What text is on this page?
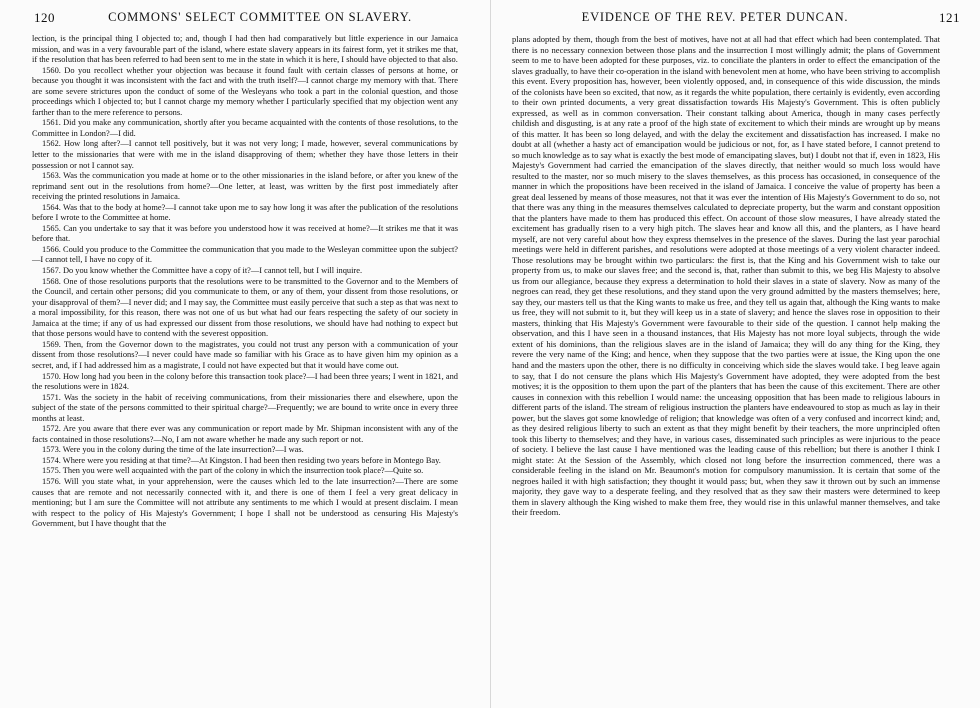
120	COMMONS' SELECT COMMITTEE ON SLAVERY.

lection, is the principal thing I objected to; and, though I had then had comparatively but little experience in our Jamaica mission, and was in a very favourable part of the island, where estate slavery appears in its fairest form, yet it strikes me that, if the resolution that has been referred to had been sent to me in the state in which it is here, I should have objected to that also.

1560. Do you recollect whether your objection was because it found fault with certain classes of persons at home, or because you thought it was inconsistent with the fact and with the truth itself?—I cannot charge my memory with that. There are some severe strictures upon the conduct of some of the Wesleyans who took a part in the colonial question, and those proceedings which I objected to; but I cannot charge my memory whether I particularly specified that my objection went any farther than to the mere reference to persons.

1561. Did you make any communication, shortly after you became acquainted with the contents of those resolutions, to the Committee in London?—I did.

1562. How long after?—I cannot tell positively, but it was not very long; I made, however, several communications by letter to the missionaries that were with me in the island disapproving of them; whether they have those letters in their possession or not I cannot say.

1563. Was the communication you made at home or to the other missionaries in the island before, or after you knew of the reprimand sent out in the resolutions from home?—One letter, at least, was written by the first post immediately after receiving the printed resolutions in Jamaica.

1564. Was that to the body at home?—I cannot take upon me to say how long it was after the publication of the resolutions before I wrote to the Committee at home.

1565. Can you undertake to say that it was before you understood how it was received at home?—It strikes me that it was before that.

1566. Could you produce to the Committee the communication that you made to the Wesleyan committee upon the subject?—I cannot tell, I have no copy of it.

1567. Do you know whether the Committee have a copy of it?—I cannot tell, but I will inquire.

1568. One of those resolutions purports that the resolutions were to be transmitted to the Governor and to the Members of the Council, and certain other persons; did you communicate to them, or any of them, your dissent from those resolutions, or your disapproval of them?—I never did; and I may say, the Committee must easily perceive that such a step as that was next to a moral impossibility, for this reason, there was not one of us but what had our fears respecting the safety of our society in Jamaica at the time; if any of us had expressed our dissent from those resolutions, we should have had nothing to expect but that those persons would have to contend with the severest opposition.

1569. Then, from the Governor down to the magistrates, you could not trust any person with a communication of your dissent from those resolutions?—I never could have made so familiar with his Grace as to have given him my opinion as a secret, and, if I had addressed him as a magistrate, I could not have expected but that it would have come out.

1570. How long had you been in the colony before this transaction took place?—I had been three years; I went in 1821, and the resolutions were in 1824.

1571. Was the society in the habit of receiving communications, from their missionaries there and elsewhere, upon the subject of the state of the persons committed to their spiritual charge?—Frequently; we are bound to write once in every three months at least.

1572. Are you aware that there ever was any communication or report made by Mr. Shipman inconsistent with any of the facts contained in those resolutions?—No, I am not aware whether he made any such report or not.

1573. Were you in the colony during the time of the late insurrection?—I was.

1574. Where were you residing at that time?—At Kingston. I had been then residing two years before in Montego Bay.

1575. Then you were well acquainted with the part of the colony in which the insurrection took place?—Quite so.

1576. Will you state what, in your apprehension, were the causes which led to the late insurrection?—There are some causes that are remote and not necessarily connected with it, and there is one of them I feel a very great delicacy in mentioning; but I am sure the Committee will not attribute any sentiments to me which I would at present disclaim. I mean with respect to the policy of His Majesty's Government; I hope I shall not be understood as censuring His Majesty's Government, but I have thought that the

EVIDENCE OF THE REV. PETER DUNCAN.	121

plans adopted by them, though from the best of motives, have not at all had that effect which had been contemplated. That there is no necessary connexion between those plans and the insurrection I most willingly admit; the plans of Government seem to me to have been adopted for these purposes, viz. to conciliate the planters in order to effect the emancipation of the slaves gradually, to have their co-operation in the island with benevolent men at home, who have been striving to accomplish this event. Every proposition has, however, been violently opposed, and, in consequence of this wide discussion, the minds of the colonists have been so excited, that now, as it regards the white population, there certainly is evidently, even according to their own printed documents, a very great dissatisfaction towards His Majesty's Government. This is often publicly expressed, as well as in common conversation. Their constant talking about America, though in many cases perfectly childish and disgusting, is at any rate a proof of the high state of excitement to which their minds are wrought up by means of this matter. It has been so long delayed, and with the delay the excitement and dissatisfaction has increased. I make no doubt at all (whether a hasty act of emancipation would be judicious or not, for, as I have stated before, I cannot pretend to so much knowledge as to say what is exactly the best mode of emancipating slaves, but) I doubt not that if, even in 1823, His Majesty's Government had carried the emancipation of the slaves directly, that neither would so much loss would have resulted to the master, nor so much misery to the slaves themselves, as this process has occasioned, in consequence of the manner in which the propositions have been received in the island of Jamaica. I conceive the value of property has been a great deal lessened by means of those measures, not that it was ever the intention of His Majesty's Government to do so, not that there was any thing in the measures themselves calculated to depreciate property, but the warm and constant opposition that the planters have made to them has produced this effect. On account of those slow measures, I have already stated the excitement has gradually risen to a very high pitch. The slaves hear and know all this, and the planters, as I have heard myself, are not very careful about how they express themselves in the presence of the slaves. During the last year parochial meetings were held in different parishes, and resolutions were adopted at those meetings of a very violent character indeed. Those resolutions may be brought within two particulars: the first is, that the King and his Government wish to take our property from us, to make our slaves free; and the second is, that, rather than submit to this, we beg His Majesty to absolve us from our allegiance, because they express a determination to hold their slaves in a state of slavery. Now as many of the negroes can read, they get these resolutions, and they stand upon the very ground admitted by the masters themselves; here, say they, our masters tell us that the King wants to make us free, and they tell us again that, although the King wants to make us free, they will not submit to it, but they will keep us in a state of slavery; and hence the slaves rose in opposition to their masters, thinking that His Majesty's Government were favourable to their side of the question. I cannot help making the observation, and this I have seen in a thousand instances, that His Majesty has not more loyal subjects, through the wide extent of his dominions, than the religious slaves are in the island of Jamaica; they will do any thing for the King, they revere the very name of the King; and hence, when they suppose that the two parties were at issue, the King upon the one hand and the masters upon the other, there is no difficulty in conceiving which side the slaves would take. I beg leave again to say, that I do not censure the plans which His Majesty's Government have adopted, they were adopted from the best motives; it is the opposition to them upon the part of the planters that has been the cause of this excitement. There are other causes in connexion with this rebellion I would name: the unceasing opposition that has been made to religious labours in different parts of the island. The stream of religious instruction the planters have endeavoured to stop as much as lay in their power, but the slaves got some knowledge of religion; that knowledge was often of a very confused and incorrect kind; and, as they desired religious liberty to such an extent as that they might benefit by their teachers, the more unprincipled often took this liberty to themselves; and they have, in various cases, disseminated such principles as were injurious to the peace of society. I believe the last cause I have mentioned was the leading cause of this rebellion; but there is another I think I might state: At the Session of the Assembly, which closed not long before the insurrection commenced, there was a considerable feeling in the island on Mr. Beaumont's motion for compulsory manumission. It is certain that some of the negroes hailed it with high satisfaction; they thought it would pass; but, when they saw it thrown out by such an immense majority, they gave way to a desperate feeling, and they resolved that as they saw their masters were determined to keep them in slavery although the King wished to make them free, they would rise in this unlawful manner themselves, and take their freedom.
